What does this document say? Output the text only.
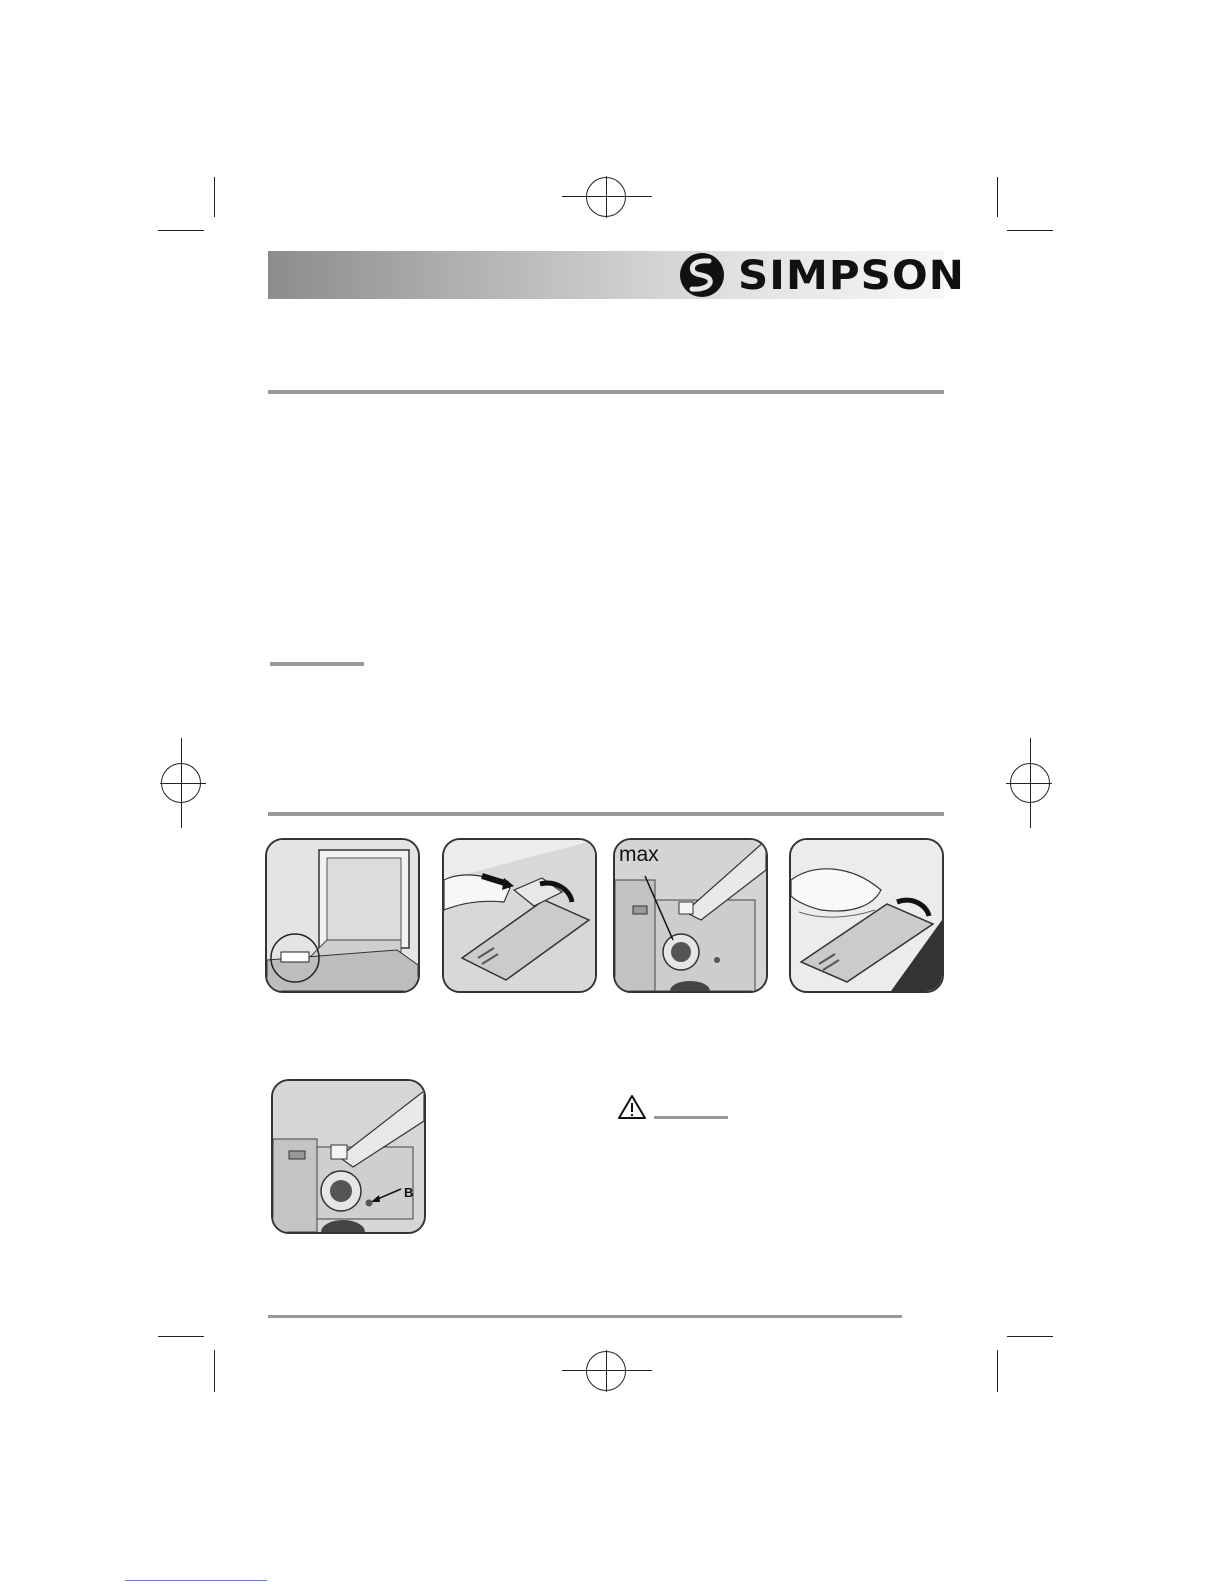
SIMPSON
max
B
